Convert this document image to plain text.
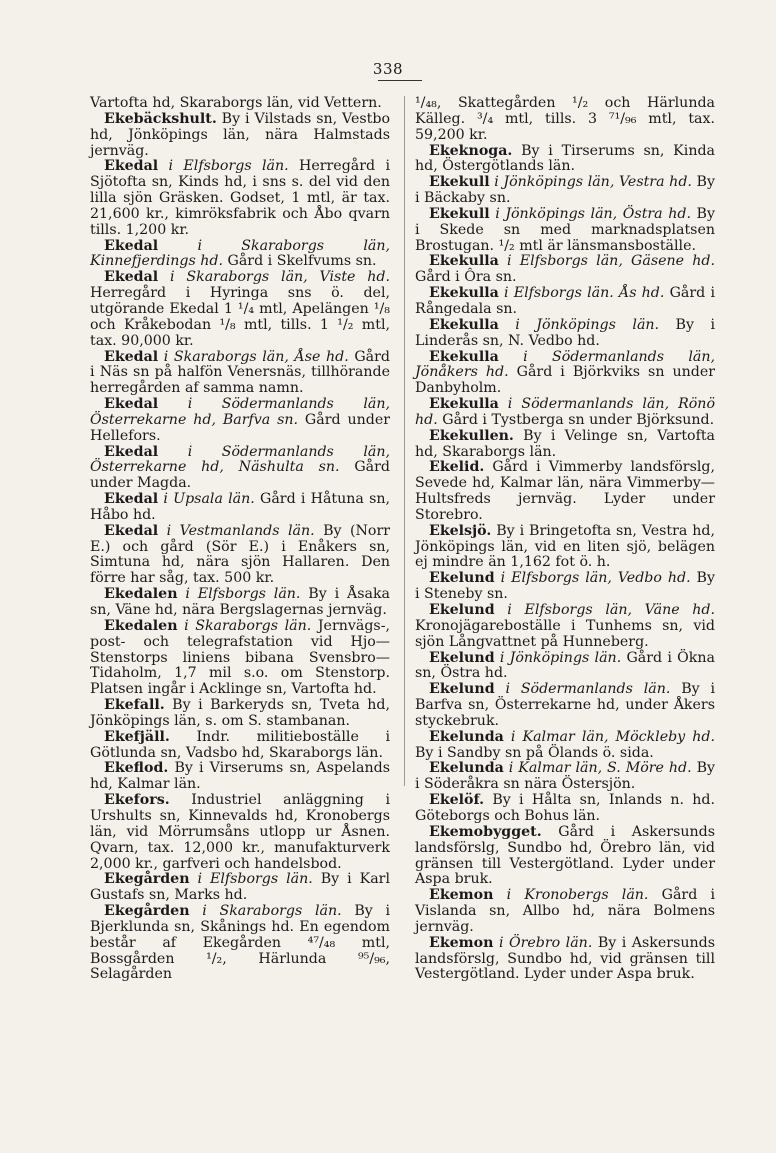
338

Vartofta hd, Skaraborgs län, vid Vettern.

Ekebäckshult. By i Vilstads sn, Vestbo hd, Jönköpings län, nära Halmstads jernväg.

Ekedal i Elfsborgs län. Herregård i Sjötofta sn, Kinds hd, i sns s. del vid den lilla sjön Gräsken. Godset, 1 mtl, är tax. 21,600 kr., kimröksfabrik och Åbo qvarn tills. 1,200 kr.

Ekedal i Skaraborgs län, Kinnefjerdings hd. Gård i Skelfvums sn.

Ekedal i Skaraborgs län, Viste hd. Herregård i Hyringa sns ö. del, utgörande Ekedal 1 ¹/₄ mtl, Apelängen ¹/₈ och Kråkebodan ¹/₈ mtl, tills. 1 ¹/₂ mtl, tax. 90,000 kr.

Ekedal i Skaraborgs län, Åse hd. Gård i Näs sn på halfön Venersnäs, tillhörande herregården af samma namn.

Ekedal i Södermanlands län, Österrekarne hd, Barfva sn. Gård under Hellefors.

Ekedal i Södermanlands län, Österrekarne hd, Näshulta sn. Gård under Magda.

Ekedal i Upsala län. Gård i Håtuna sn, Håbo hd.

Ekedal i Vestmanlands län. By (Norr E.) och gård (Sör E.) i Enåkers sn, Simtuna hd, nära sjön Hallaren. Den förre har såg, tax. 500 kr.

Ekedalen i Elfsborgs län. By i Åsaka sn, Väne hd, nära Bergslagernas jernväg.

Ekedalen i Skaraborgs län. Jernvägs-, post- och telegrafstation vid Hjo—Stenstorps liniens bibana Svensbro—Tidaholm, 1,7 mil s.o. om Stenstorp. Platsen ingår i Acklinge sn, Vartofta hd.

Ekefall. By i Barkeryds sn, Tveta hd, Jönköpings län, s. om S. stambanan.

Ekefjäll. Indr. militieboställe i Götlunda sn, Vadsbo hd, Skaraborgs län.

Ekeflod. By i Virserums sn, Aspelands hd, Kalmar län.

Ekefors. Industriel anläggning i Urshults sn, Kinnevalds hd, Kronobergs län, vid Mörrumsåns utlopp ur Åsnen. Qvarn, tax. 12,000 kr., manufakturverk 2,000 kr., garfveri och handelsbod.

Ekegården i Elfsborgs län. By i Karl Gustafs sn, Marks hd.

Ekegården i Skaraborgs län. By i Bjerklunda sn, Skånings hd. En egendom består af Ekegården ⁴⁷/₄₈ mtl, Bossgården ¹/₂, Härlunda ⁹⁵/₉₆, Selagården

¹/₄₈, Skattegården ¹/₂ och Härlunda Källeg. ³/₄ mtl, tills. 3 ⁷¹/₉₆ mtl, tax. 59,200 kr.

Ekeknoga. By i Tirserums sn, Kinda hd, Östergötlands län.

Ekekull i Jönköpings län, Vestra hd. By i Bäckaby sn.

Ekekull i Jönköpings län, Östra hd. By i Skede sn med marknadsplatsen Brostugan. ¹/₂ mtl är länsmansboställe.

Ekekulla i Elfsborgs län, Gäsene hd. Gård i Ôra sn.

Ekekulla i Elfsborgs län. Ås hd. Gård i Rångedala sn.

Ekekulla i Jönköpings län. By i Linderås sn, N. Vedbo hd.

Ekekulla i Södermanlands län, Jönåkers hd. Gård i Björkviks sn under Danbyholm.

Ekekulla i Södermanlands län, Rönö hd. Gård i Tystberga sn under Björksund.

Ekekullen. By i Velinge sn, Vartofta hd, Skaraborgs län.

Ekelid. Gård i Vimmerby landsförslg, Sevede hd, Kalmar län, nära Vimmerby—Hultsfreds jernväg. Lyder under Storebro.

Ekelsjö. By i Bringetofta sn, Vestra hd, Jönköpings län, vid en liten sjö, belägen ej mindre än 1,162 fot ö. h.

Ekelund i Elfsborgs län, Vedbo hd. By i Steneby sn.

Ekelund i Elfsborgs län, Väne hd. Kronojägareboställe i Tunhems sn, vid sjön Långvattnet på Hunneberg.

Ekelund i Jönköpings län. Gård i Ökna sn, Östra hd.

Ekelund i Södermanlands län. By i Barfva sn, Österrekarne hd, under Åkers styckebruk.

Ekelunda i Kalmar län, Möckleby hd. By i Sandby sn på Ölands ö. sida.

Ekelunda i Kalmar län, S. Möre hd. By i Söderåkra sn nära Östersjön.

Ekelöf. By i Hålta sn, Inlands n. hd. Göteborgs och Bohus län.

Ekemobygget. Gård i Askersunds landsförslg, Sundbo hd, Örebro län, vid gränsen till Vestergötland. Lyder under Aspa bruk.

Ekemon i Kronobergs län. Gård i Vislanda sn, Allbo hd, nära Bolmens jernväg.

Ekemon i Örebro län. By i Askersunds landsförslg, Sundbo hd, vid gränsen till Vestergötland. Lyder under Aspa bruk.
